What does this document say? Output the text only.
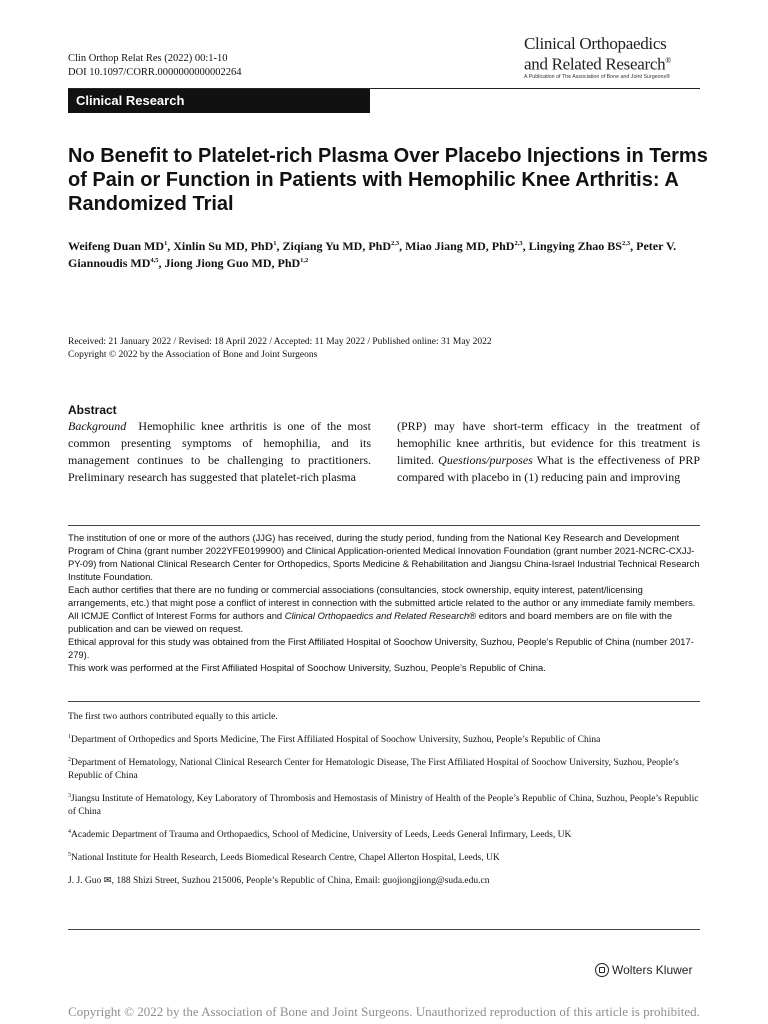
Clin Orthop Relat Res (2022) 00:1-10
DOI 10.1097/CORR.0000000000002264
Clinical Orthopaedics
and Related Research®
A Publication of The Association of Bone and Joint Surgeons®
Clinical Research
No Benefit to Platelet-rich Plasma Over Placebo Injections in Terms of Pain or Function in Patients with Hemophilic Knee Arthritis: A Randomized Trial
Weifeng Duan $MD^1$, Xinlin Su MD, PhD$^1$, Ziqiang Yu MD, PhD$^{2,3}$, Miao Jiang MD, PhD$^{2,3}$, Lingying Zhao BS$^{2,3}$, Peter V. Giannoudis MD$^{4,5}$, Jiong Jiong Guo MD, PhD$^{1,2}$
Received: 21 January 2022 / Revised: 18 April 2022 / Accepted: 11 May 2022 / Published online: 31 May 2022
Copyright © 2022 by the Association of Bone and Joint Surgeons
Abstract
Background Hemophilic knee arthritis is one of the most common presenting symptoms of hemophilia, and its management continues to be challenging to practitioners. Preliminary research has suggested that platelet-rich plasma
(PRP) may have short-term efficacy in the treatment of hemophilic knee arthritis, but evidence for this treatment is limited. Questions/purposes What is the effectiveness of PRP compared with placebo in (1) reducing pain and improving

The institution of one or more of the authors (JJG) has received, during the study period, funding from the National Key Research and Development Program of China (grant number 2022YFE0199900) and Clinical Application-oriented Medical Innovation Foundation (grant number 2021-NCRC-CXJJ-PY-09) from National Clinical Research Center for Orthopedics, Sports Medicine & Rehabilitation and Jiangsu China-Israel Industrial Technical Research Institute Foundation.

Each author certifies that there are no funding or commercial associations (consultancies, stock ownership, equity interest, patent/licensing arrangements, etc.) that might pose a conflict of interest in connection with the submitted article related to the author or any immediate family members.

All ICMJE Conflict of Interest Forms for authors and Clinical Orthopaedics and Related Research® editors and board members are on file with the publication and can be viewed on request.

Ethical approval for this study was obtained from the First Affiliated Hospital of Soochow University, Suzhou, People’s Republic of China (number 2017-279).

This work was performed at the First Affiliated Hospital of Soochow University, Suzhou, People’s Republic of China.

The first two authors contributed equally to this article.

$^1$Department of Orthopedics and Sports Medicine, The First Affiliated Hospital of Soochow University, Suzhou, People’s Republic of China

$^2$Department of Hematology, National Clinical Research Center for Hematologic Disease, The First Affiliated Hospital of Soochow University, Suzhou, People’s Republic of China

$^3$Jiangsu Institute of Hematology, Key Laboratory of Thrombosis and Hemostasis of Ministry of Health of the People’s Republic of China, Suzhou, People’s Republic of China

$^4$Academic Department of Trauma and Orthopaedics, School of Medicine, University of Leeds, Leeds General Infirmary, Leeds, UK

$^5$National Institute for Health Research, Leeds Biomedical Research Centre, Chapel Allerton Hospital, Leeds, UK

J. J. Guo ✉, 188 Shizi Street, Suzhou 215006, People’s Republic of China, Email: guojiongjiong@suda.edu.cn

Wolters Kluwer
Copyright © 2022 by the Association of Bone and Joint Surgeons. Unauthorized reproduction of this article is prohibited.
